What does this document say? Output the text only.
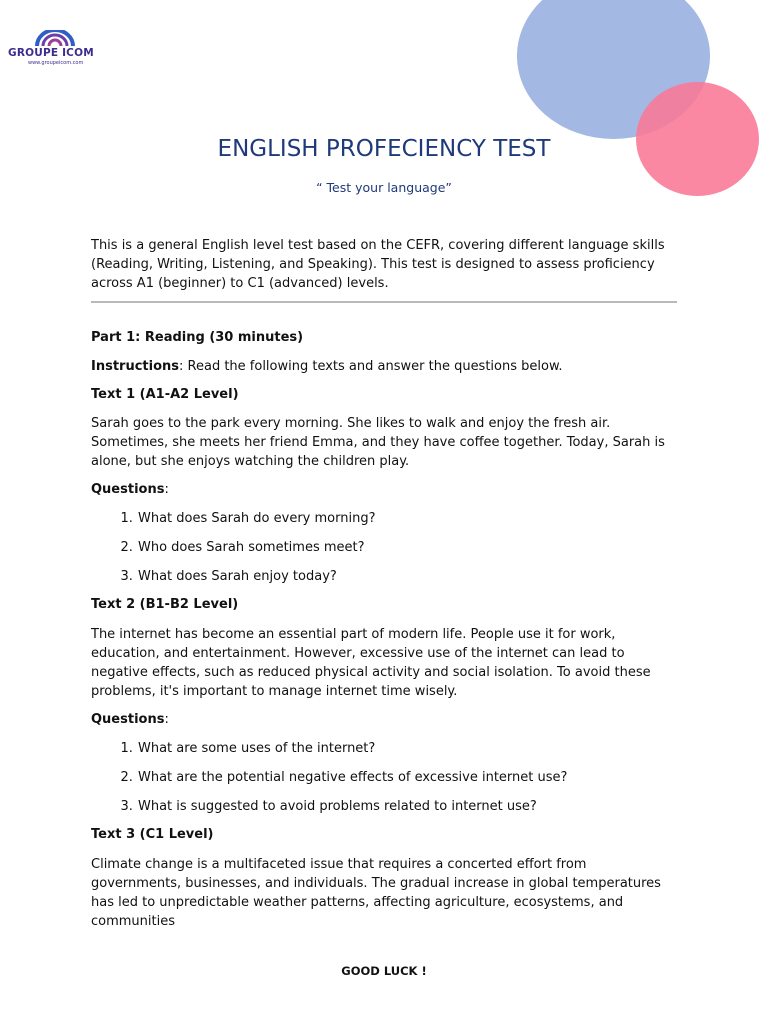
GROUPE ICOM
www.groupeicom.com
ENGLISH PROFECIENCY TEST
“ Test your language”

This is a general English level test based on the CEFR, covering different language skills (Reading, Writing, Listening, and Speaking). This test is designed to assess proficiency across A1 (beginner) to C1 (advanced) levels.

Part 1: Reading (30 minutes)

Instructions: Read the following texts and answer the questions below.

Text 1 (A1-A2 Level)

Sarah goes to the park every morning. She likes to walk and enjoy the fresh air. Sometimes, she meets her friend Emma, and they have coffee together. Today, Sarah is alone, but she enjoys watching the children play.

Questions:

1. What does Sarah do every morning?
2. Who does Sarah sometimes meet?
3. What does Sarah enjoy today?

Text 2 (B1-B2 Level)

The internet has become an essential part of modern life. People use it for work, education, and entertainment. However, excessive use of the internet can lead to negative effects, such as reduced physical activity and social isolation. To avoid these problems, it's important to manage internet time wisely.

Questions:

1. What are some uses of the internet?
2. What are the potential negative effects of excessive internet use?
3. What is suggested to avoid problems related to internet use?

Text 3 (C1 Level)

Climate change is a multifaceted issue that requires a concerted effort from governments, businesses, and individuals. The gradual increase in global temperatures has led to unpredictable weather patterns, affecting agriculture, ecosystems, and communities

GOOD LUCK !
